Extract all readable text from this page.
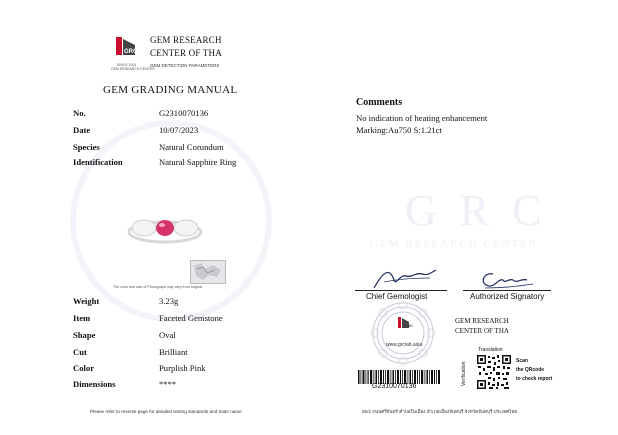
GRC
SINCE 2001
GEM RESEARCH CENTER
GEM RESEARCH
CENTER OF THA
GEM DETECTION PARAMETERS
GEM GRADING MANUAL
No.	G2310070136
Date	10/07/2023
Species	Natural Corundum
Identification	Natural Sapphire Ring
The color and size of Photograph may vary from original
Weight	3.23g
Item	Faceted Gemstone
Shape	Oval
Cut	Brilliant
Color	Purplish Pink
Dimensions	****
Please refer to reverse page for detailed testing standards and trade name
Comments
No indication of heating enhancement
Marking:Au750 S:1.21ct
G R C
GEM RESEARCH CENTER
Chief Gemologist	Authorized Signatory
GRC
www.grclab.asia
GEM RESEARCH
CENTER OF THA
G2310070136
Translation
Verification
Scan
the QRcode
to check report
65/2 ถนนศรีจันทร์ ตำบลในเมือง อำเภอเมืองจันทบุรี จังหวัดจันทบุรี ประเทศไทย
